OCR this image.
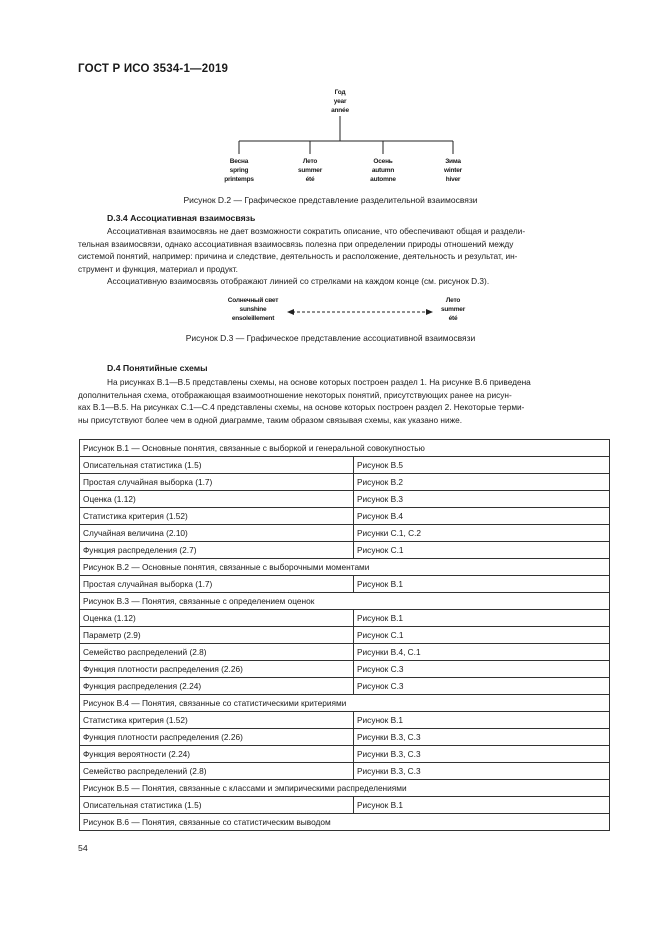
ГОСТ Р ИСО 3534-1—2019
Год
year
année
Весна
spring
printemps
Лето
summer
été
Осень
autumn
automne
Зима
winter
hiver
Рисунок D.2 — Графическое представление разделительной взаимосвязи
D.3.4 Ассоциативная взаимосвязь
Ассоциативная взаимосвязь не дает возможности сократить описание, что обеспечивают общая и раздели-
тельная взаимосвязи, однако ассоциативная взаимосвязь полезна при определении природы отношений между
системой понятий, например: причина и следствие, деятельность и расположение, деятельность и результат, ин-
струмент и функция, материал и продукт.
Ассоциативную взаимосвязь отображают линией со стрелками на каждом конце (см. рисунок D.3).
Солнечный свет
sunshine
ensoleillement
Лето
summer
été
Рисунок D.3 — Графическое представление ассоциативной взаимосвязи
D.4 Понятийные схемы
На рисунках В.1—В.5 представлены схемы, на основе которых построен раздел 1. На рисунке В.6 приведена
дополнительная схема, отображающая взаимоотношение некоторых понятий, присутствующих ранее на рисун-
ках В.1—В.5. На рисунках С.1—С.4 представлены схемы, на основе которых построен раздел 2. Некоторые терми-
ны присутствуют более чем в одной диаграмме, таким образом связывая схемы, как указано ниже.
Рисунок В.1 — Основные понятия, связанные с выборкой и генеральной совокупностью	
Описательная статистика (1.5)	Рисунок В.5
Простая случайная выборка (1.7)	Рисунок В.2
Оценка (1.12)	Рисунок В.3
Статистика критерия (1.52)	Рисунок В.4
Случайная величина (2.10)	Рисунки С.1, С.2
Функция распределения (2.7)	Рисунок С.1
Рисунок В.2 — Основные понятия, связанные с выборочными моментами	
Простая случайная выборка (1.7)	Рисунок В.1
Рисунок В.3 — Понятия, связанные с определением оценок	
Оценка (1.12)	Рисунок В.1
Параметр (2.9)	Рисунок С.1
Семейство распределений (2.8)	Рисунки В.4, С.1
Функция плотности распределения (2.26)	Рисунок С.3
Функция распределения (2.24)	Рисунок С.3
Рисунок В.4 — Понятия, связанные со статистическими критериями	
Статистика критерия (1.52)	Рисунок В.1
Функция плотности распределения (2.26)	Рисунки В.3, С.3
Функция вероятности (2.24)	Рисунки В.3, С.3
Семейство распределений (2.8)	Рисунки В.3, С.3
Рисунок В.5 — Понятия, связанные с классами и эмпирическими распределениями	
Описательная статистика (1.5)	Рисунок В.1
Рисунок В.6 — Понятия, связанные со статистическим выводом	
54
